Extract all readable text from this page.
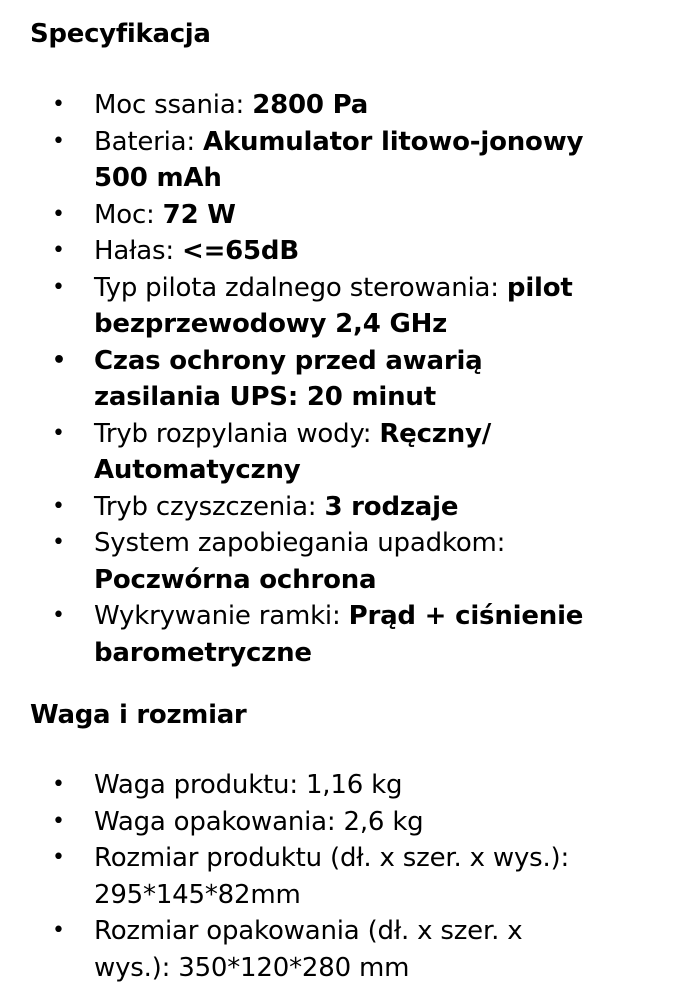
Specyfikacja
• Moc ssania: 2800 Pa
• Bateria: Akumulator litowo-jonowy
500 mAh
• Moc: 72 W
• Hałas: <=65dB
• Typ pilota zdalnego sterowania: pilot
bezprzewodowy 2,4 GHz
• Czas ochrony przed awarią
zasilania UPS: 20 minut
• Tryb rozpylania wody: Ręczny/
Automatyczny
• Tryb czyszczenia: 3 rodzaje
• System zapobiegania upadkom:
Poczwórna ochrona
• Wykrywanie ramki: Prąd + ciśnienie
barometryczne
Waga i rozmiar
• Waga produktu: 1,16 kg
• Waga opakowania: 2,6 kg
• Rozmiar produktu (dł. x szer. x wys.):
295*145*82mm
• Rozmiar opakowania (dł. x szer. x
wys.): 350*120*280 mm
